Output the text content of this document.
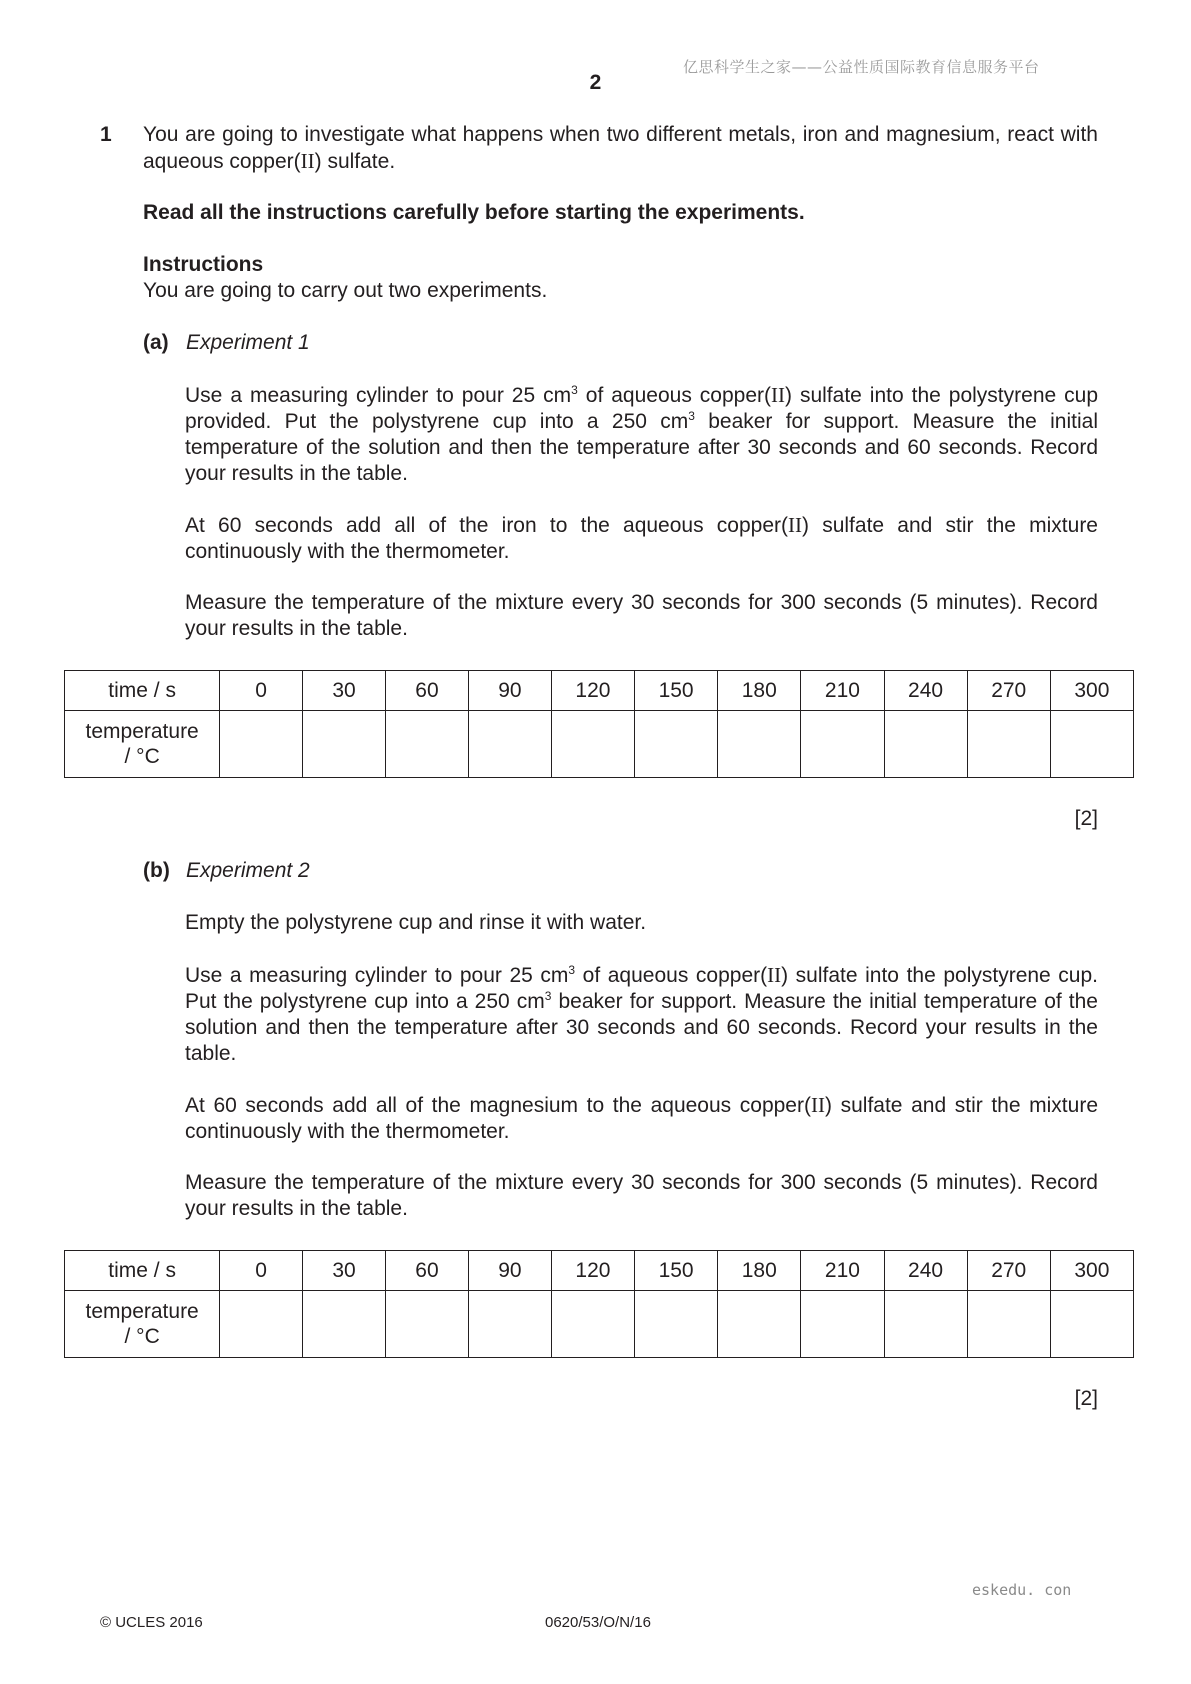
亿思科学生之家——公益性质国际教育信息服务平台
2
1 You are going to investigate what happens when two different metals, iron and magnesium, react with aqueous copper(II) sulfate.
Read all the instructions carefully before starting the experiments.
Instructions
You are going to carry out two experiments.
(a) Experiment 1
Use a measuring cylinder to pour 25 $cm^3$ of aqueous copper(II) sulfate into the polystyrene cup provided. Put the polystyrene cup into a 250 $cm^3$ beaker for support. Measure the initial temperature of the solution and then the temperature after 30 seconds and 60 seconds. Record your results in the table.
At 60 seconds add all of the iron to the aqueous copper(II) sulfate and stir the mixture continuously with the thermometer.
Measure the temperature of the mixture every 30 seconds for 300 seconds (5 minutes). Record your results in the table.
time / s	0	30	60	90	120	150	180	210	240	270	300
temperature
/ °C											
[2]
(b) Experiment 2
Empty the polystyrene cup and rinse it with water.
Use a measuring cylinder to pour 25 $cm^3$ of aqueous copper(II) sulfate into the polystyrene cup. Put the polystyrene cup into a 250 $cm^3$ beaker for support. Measure the initial temperature of the solution and then the temperature after 30 seconds and 60 seconds. Record your results in the table.
At 60 seconds add all of the magnesium to the aqueous copper(II) sulfate and stir the mixture continuously with the thermometer.
Measure the temperature of the mixture every 30 seconds for 300 seconds (5 minutes). Record your results in the table.
time / s	0	30	60	90	120	150	180	210	240	270	300
temperature
/ °C											
[2]
eskedu. con
© UCLES 2016	0620/53/O/N/16
